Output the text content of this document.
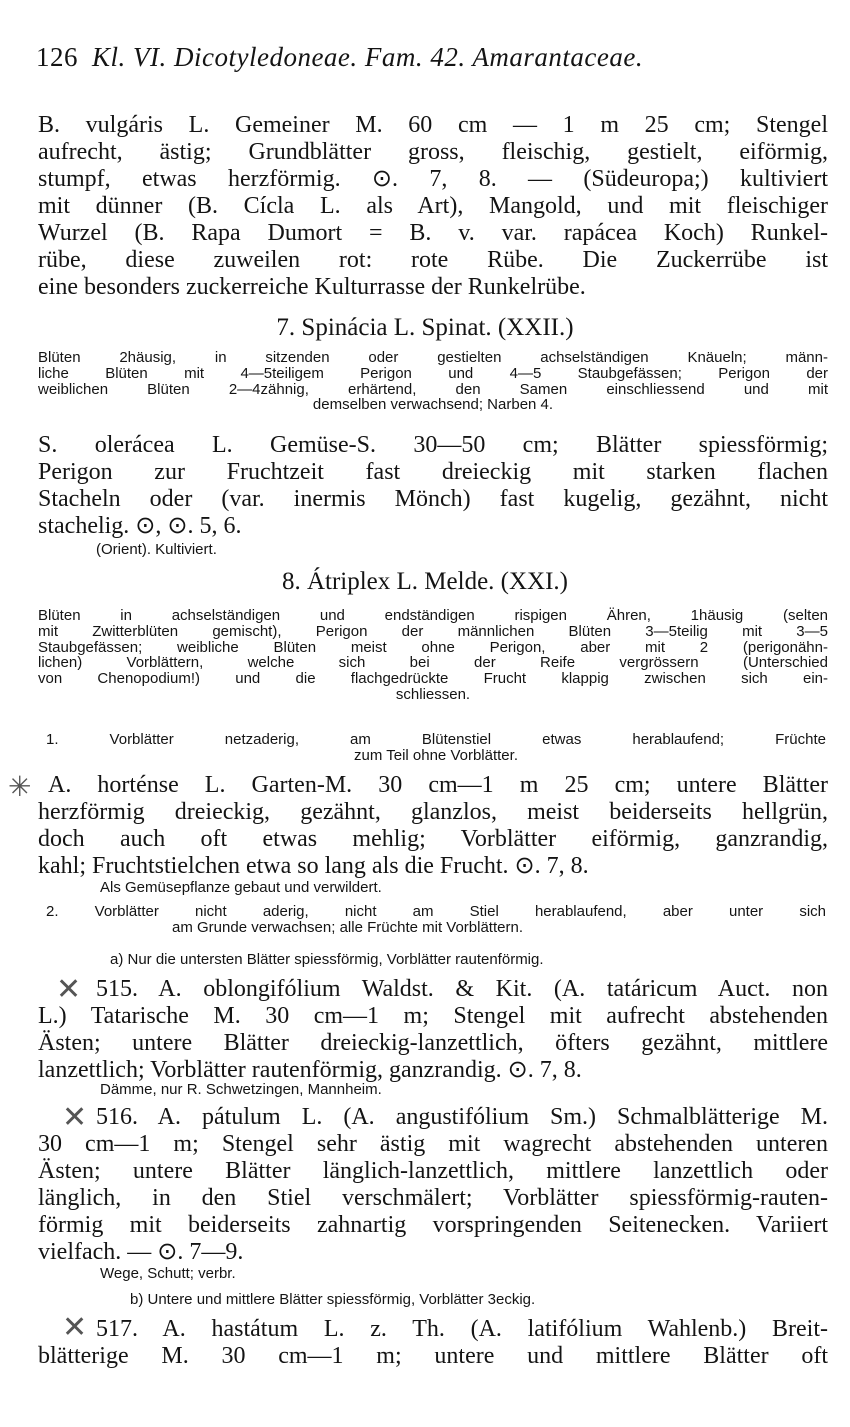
126 Kl. VI. Dicotyledoneae. Fam. 42. Amarantaceae.
B. vulgáris L. Gemeiner M. 60 cm — 1 m 25 cm; Stengel
aufrecht, ästig; Grundblätter gross, fleischig, gestielt, eiförmig,
stumpf, etwas herzförmig. ⊙. 7, 8. — (Südeuropa;) kultiviert
mit dünner (B. Cícla L. als Art), Mangold, und mit fleischiger
Wurzel (B. Rapa Dumort = B. v. var. rapácea Koch) Runkel-
rübe, diese zuweilen rot: rote Rübe. Die Zuckerrübe ist
eine besonders zuckerreiche Kulturrasse der Runkelrübe.
7. Spinácia L. Spinat. (XXII.)
Blüten 2häusig, in sitzenden oder gestielten achselständigen Knäueln; männ-
liche Blüten mit 4—5teiligem Perigon und 4—5 Staubgefässen; Perigon der
weiblichen Blüten 2—4zähnig, erhärtend, den Samen einschliessend und mit
demselben verwachsend; Narben 4.
S. olerácea L. Gemüse-S. 30—50 cm; Blätter spiessförmig;
Perigon zur Fruchtzeit fast dreieckig mit starken flachen
Stacheln oder (var. inermis Mönch) fast kugelig, gezähnt, nicht
stachelig. ⊙, ⊙. 5, 6.
(Orient). Kultiviert.
8. Átriplex L. Melde. (XXI.)
Blüten in achselständigen und endständigen rispigen Ähren, 1häusig (selten
mit Zwitterblüten gemischt), Perigon der männlichen Blüten 3—5teilig mit 3—5
Staubgefässen; weibliche Blüten meist ohne Perigon, aber mit 2 (perigonähn-
lichen) Vorblättern, welche sich bei der Reife vergrössern (Unterschied
von Chenopodium!) und die flachgedrückte Frucht klappig zwischen sich ein-
schliessen.
1. Vorblätter netzaderig, am Blütenstiel etwas herablaufend; Früchte
zum Teil ohne Vorblätter.
✳ A. horténse L. Garten-M. 30 cm—1 m 25 cm; untere Blätter
herzförmig dreieckig, gezähnt, glanzlos, meist beiderseits hellgrün,
doch auch oft etwas mehlig; Vorblätter eiförmig, ganzrandig,
kahl; Fruchtstielchen etwa so lang als die Frucht. ⊙. 7, 8.
Als Gemüsepflanze gebaut und verwildert.
2. Vorblätter nicht aderig, nicht am Stiel herablaufend, aber unter sich
am Grunde verwachsen; alle Früchte mit Vorblättern.
a) Nur die untersten Blätter spiessförmig, Vorblätter rautenförmig.
✕ 515. A. oblongifólium Waldst. & Kit. (A. tatáricum Auct. non
L.) Tatarische M. 30 cm—1 m; Stengel mit aufrecht abstehenden
Ästen; untere Blätter dreieckig-lanzettlich, öfters gezähnt, mittlere
lanzettlich; Vorblätter rautenförmig, ganzrandig. ⊙. 7, 8.
Dämme, nur R. Schwetzingen, Mannheim.
✕ 516. A. pátulum L. (A. angustifólium Sm.) Schmalblätterige M.
30 cm—1 m; Stengel sehr ästig mit wagrecht abstehenden unteren
Ästen; untere Blätter länglich-lanzettlich, mittlere lanzettlich oder
länglich, in den Stiel verschmälert; Vorblätter spiessförmig-rauten-
förmig mit beiderseits zahnartig vorspringenden Seitenecken. Variiert
vielfach. — ⊙. 7—9.
Wege, Schutt; verbr.
b) Untere und mittlere Blätter spiessförmig, Vorblätter 3eckig.
✕ 517. A. hastátum L. z. Th. (A. latifólium Wahlenb.) Breit-
blätterige M. 30 cm—1 m; untere und mittlere Blätter oft
